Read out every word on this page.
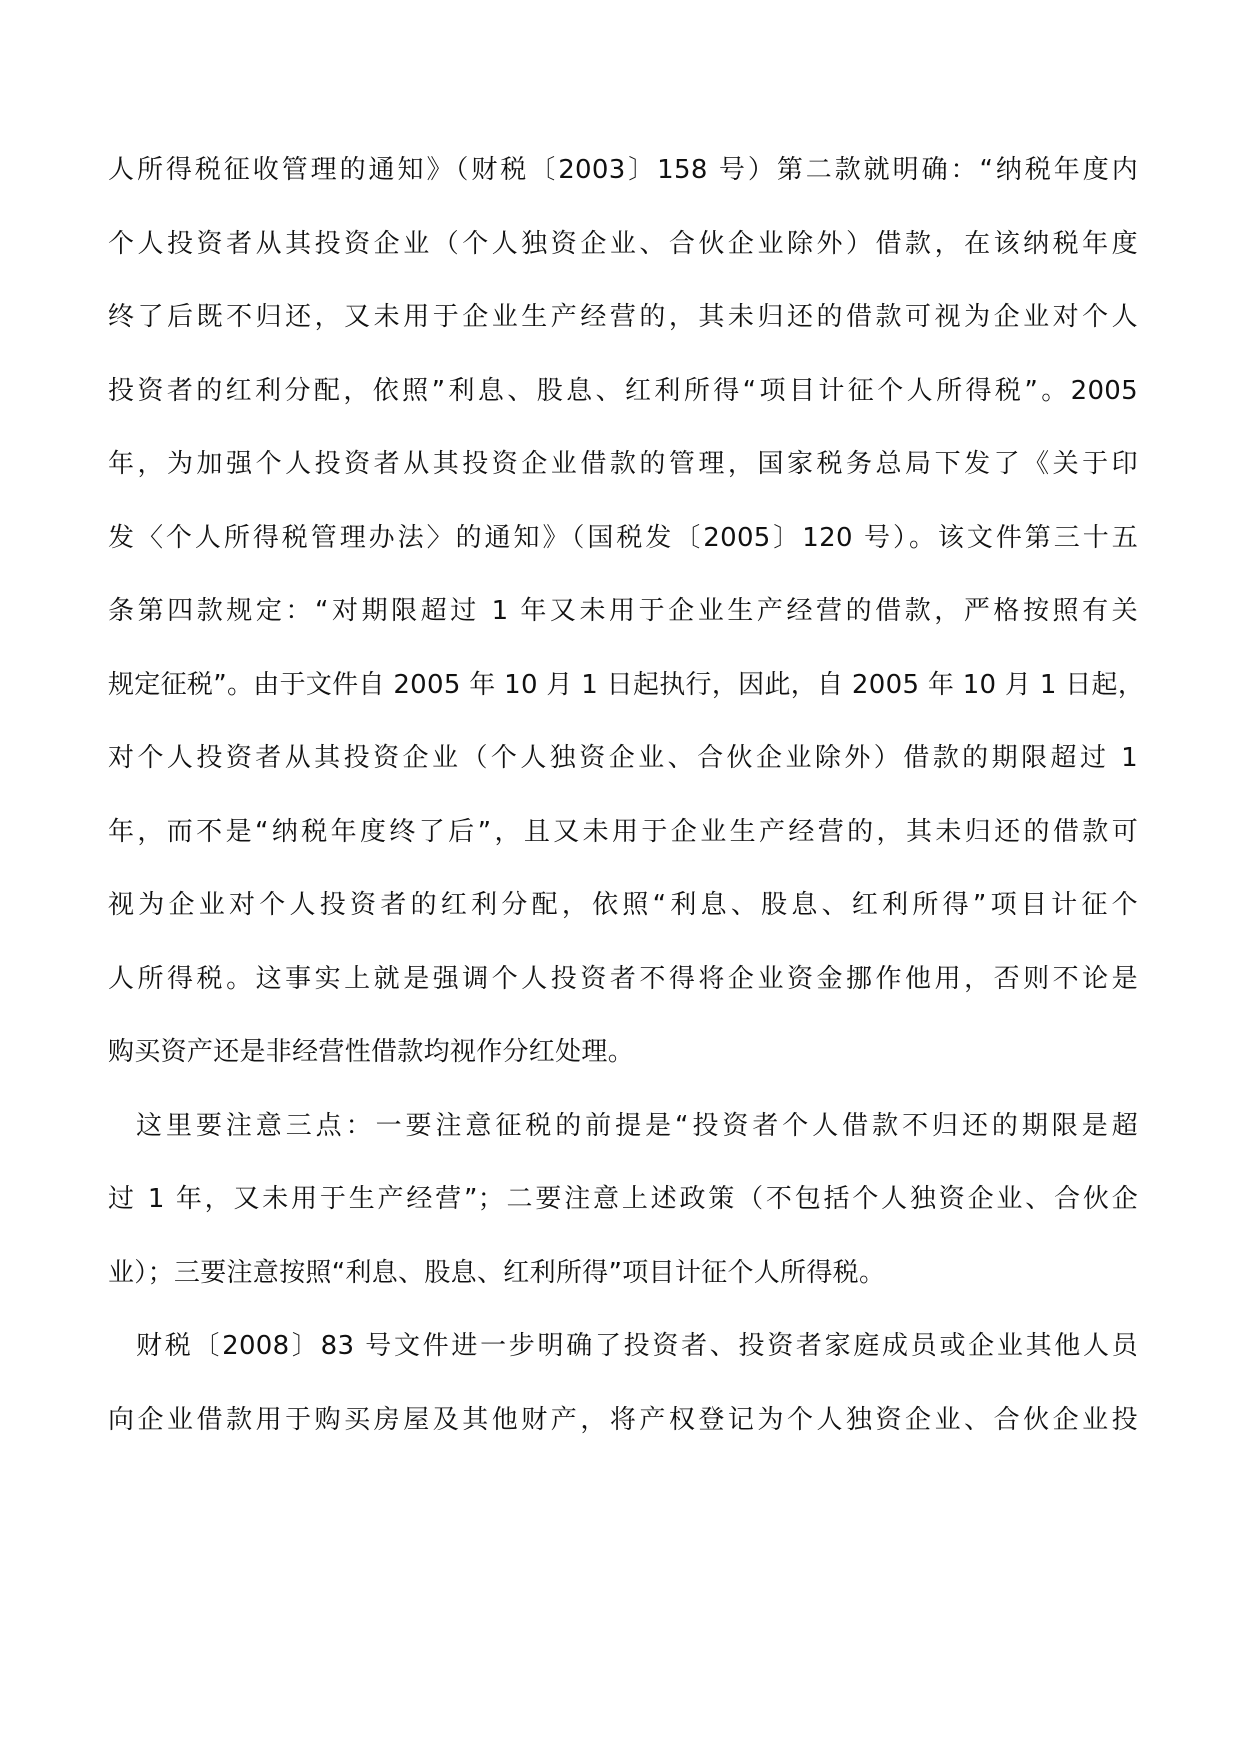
人所得税征收管理的通知》（财税〔2003〕158 号）第二款就明确：“纳税年度内
个人投资者从其投资企业（个人独资企业、合伙企业除外）借款，在该纳税年度
终了后既不归还，又未用于企业生产经营的，其未归还的借款可视为企业对个人
投资者的红利分配，依照”利息、股息、红利所得“项目计征个人所得税”。2005
年，为加强个人投资者从其投资企业借款的管理，国家税务总局下发了《关于印
发〈个人所得税管理办法〉的通知》（国税发〔2005〕120 号）。该文件第三十五
条第四款规定：“对期限超过 1 年又未用于企业生产经营的借款，严格按照有关
规定征税”。由于文件自 2005 年 10 月 1 日起执行，因此，自 2005 年 10 月 1 日起，
对个人投资者从其投资企业（个人独资企业、合伙企业除外）借款的期限超过 1
年，而不是“纳税年度终了后”，且又未用于企业生产经营的，其未归还的借款可
视为企业对个人投资者的红利分配，依照“利息、股息、红利所得”项目计征个
人所得税。这事实上就是强调个人投资者不得将企业资金挪作他用，否则不论是
购买资产还是非经营性借款均视作分红处理。
这里要注意三点：一要注意征税的前提是“投资者个人借款不归还的期限是超
过 1 年，又未用于生产经营”；二要注意上述政策（不包括个人独资企业、合伙企
业）；三要注意按照“利息、股息、红利所得”项目计征个人所得税。
财税〔2008〕83 号文件进一步明确了投资者、投资者家庭成员或企业其他人员
向企业借款用于购买房屋及其他财产，将产权登记为个人独资企业、合伙企业投
